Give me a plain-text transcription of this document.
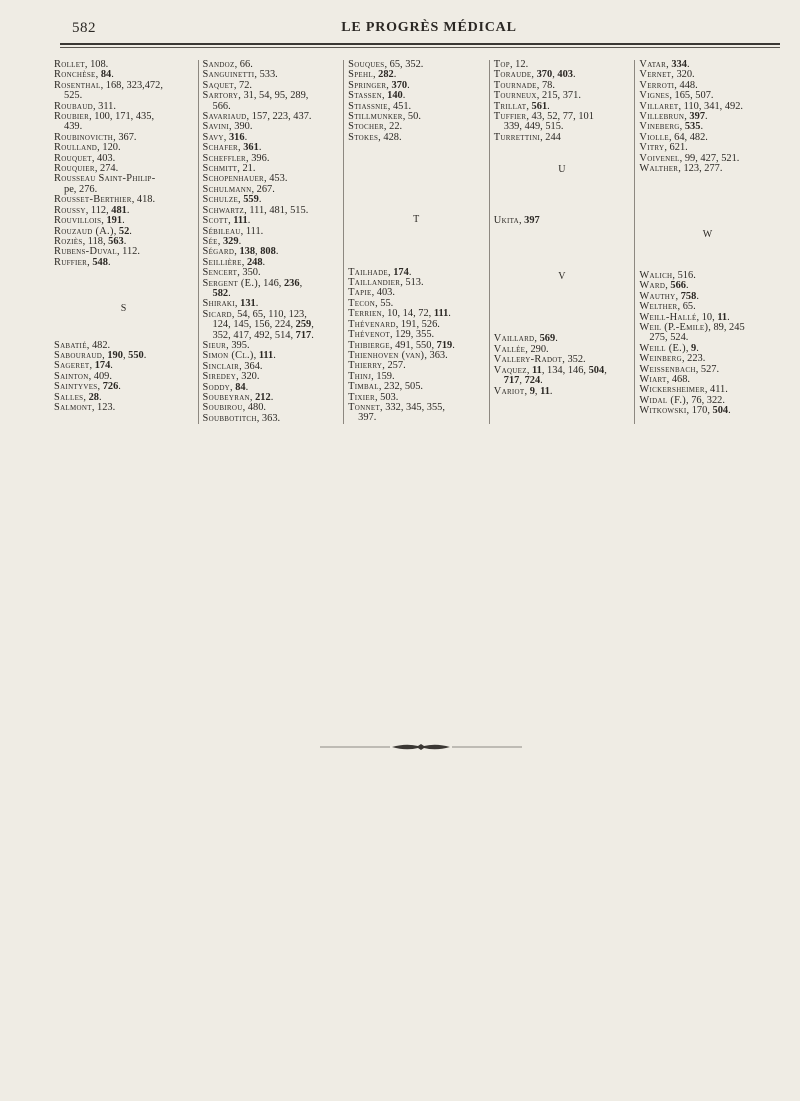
582	LE PROGRÈS MÉDICAL
Rollet, 108.
Ronchèse, 84.
Rosenthal, 168, 323,472,
525.
Roubaud, 311.
Roubier, 100, 171, 435,
439.
Roubinovicth, 367.
Roulland, 120.
Rouquet, 403.
Rouquier, 274.
Rousseau Saint-Philip-
pe, 276.
Rousset-Berthier, 418.
Roussy, 112, 481.
Rouvillois, 191.
Rouzaud (A.), 52.
Roziès, 118, 563.
Rubens-Duval, 112.
Ruffier, 548.
S
Sabatié, 482.
Sabouraud, 190, 550.
Sageret, 174.
Sainton, 409.
Saintyves, 726.
Salles, 28.
Salmont, 123.
Sandoz, 66.
Sanguinetti, 533.
Saquet, 72.
Sartory, 31, 54, 95, 289,
566.
Savariaud, 157, 223, 437.
Savini, 390.
Savy, 316.
Schafer, 361.
Scheffler, 396.
Schmitt, 21.
Schopenhauer, 453.
Schulmann, 267.
Schulze, 559.
Schwartz, 111, 481, 515.
Scott, 111.
Sébileau, 111.
Sée, 329.
Ségard, 138, 808.
Seillière, 248.
Sencert, 350.
Sergent (E.), 146, 236,
582.
Shiraki, 131.
Sicard, 54, 65, 110, 123,
124, 145, 156, 224, 259,
352, 417, 492, 514, 717.
Sieur, 395.
Simon (Cl.), 111.
Sinclair, 364.
Siredey, 320.
Soddy, 84.
Soubeyran, 212.
Soubirou, 480.
Soubbotitch, 363.
Souques, 65, 352.
Spehl, 282.
Springer, 370.
Stassen, 140.
Stiassnie, 451.
Stillmunker, 50.
Stocher, 22.
Stokes, 428.
T
Tailhade, 174.
Taillandier, 513.
Tapie, 403.
Tecon, 55.
Terrien, 10, 14, 72, 111.
Thévenard, 191, 526.
Thévenot, 129, 355.
Thibierge, 491, 550, 719.
Thienhoven (van), 363.
Thierry, 257.
Thinj, 159.
Timbal, 232, 505.
Tixier, 503.
Tonnet, 332, 345, 355,
397.
Top, 12.
Toraude, 370, 403.
Tournade, 78.
Tourneux, 215, 371.
Trillat, 561.
Tuffier, 43, 52, 77, 101
339, 449, 515.
Turrettini, 244
U
Ukita, 397
V
Vaillard, 569.
Vallée, 290.
Vallery-Radot, 352.
Vaquez, 11, 134, 146, 504,
717, 724.
Variot, 9, 11.
Vatar, 334.
Vernet, 320.
Verroti, 448.
Vignes, 165, 507.
Villaret, 110, 341, 492.
Villebrun, 397.
Vineberg, 535.
Violle, 64, 482.
Vitry, 621.
Voivenel, 99, 427, 521.
Walther, 123, 277.
W
Walich, 516.
Ward, 566.
Wauthy, 758.
Welther, 65.
Weill-Hallé, 10, 11.
Weil (P.-Emile), 89, 245
275, 524.
Weill (E.), 9.
Weinberg, 223.
Weissenbach, 527.
Wiart, 468.
Wickersheimer, 411.
Widal (F.), 76, 322.
Witkowski, 170, 504.
